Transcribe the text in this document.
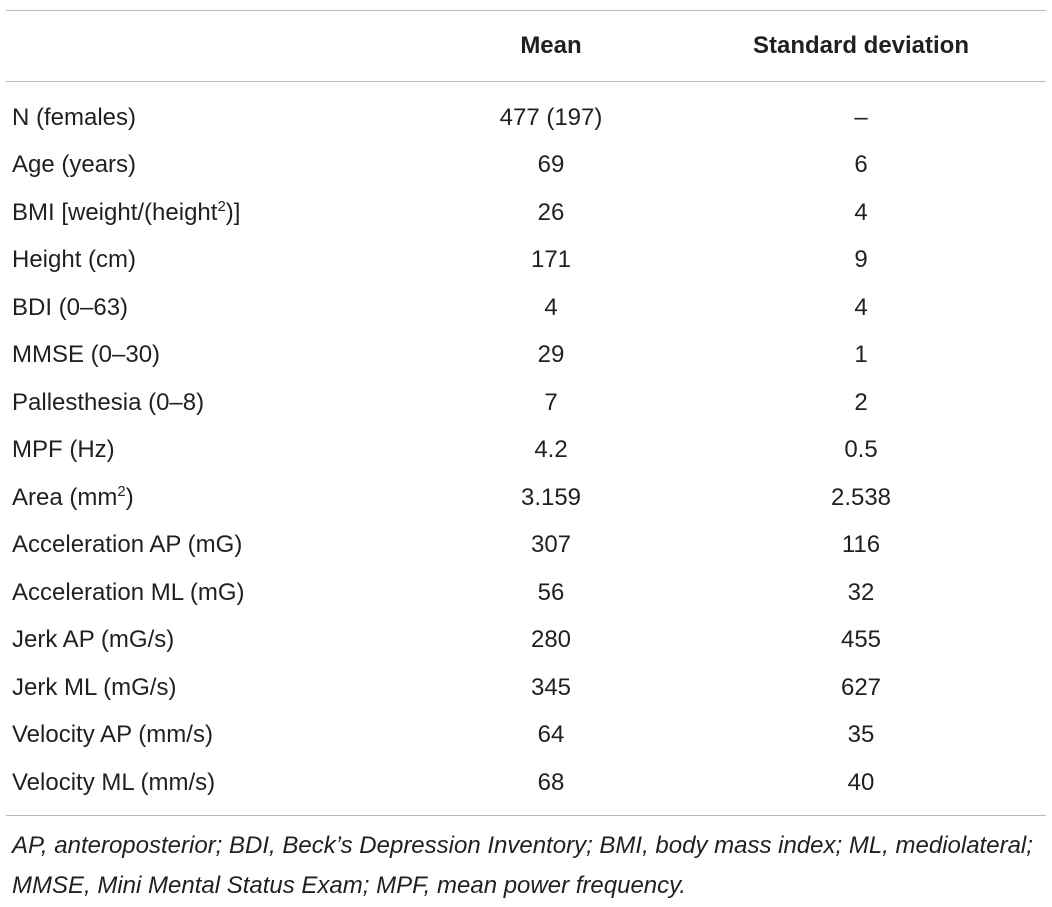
	Mean	Standard deviation
N (females)	477 (197)	–
Age (years)	69	6
BMI [weight/(height$^2$)]	26	4
Height (cm)	171	9
BDI (0–63)	4	4
MMSE (0–30)	29	1
Pallesthesia (0–8)	7	2
MPF (Hz)	4.2	0.5
Area $(mm^2)$	3.159	2.538
Acceleration AP (mG)	307	116
Acceleration ML (mG)	56	32
Jerk AP (mG/s)	280	455
Jerk ML (mG/s)	345	627
Velocity AP (mm/s)	64	35
Velocity ML (mm/s)	68	40
AP, anteroposterior; BDI, Beck’s Depression Inventory; BMI, body mass index; ML, mediolateral; MMSE, Mini Mental Status Exam; MPF, mean power frequency.
